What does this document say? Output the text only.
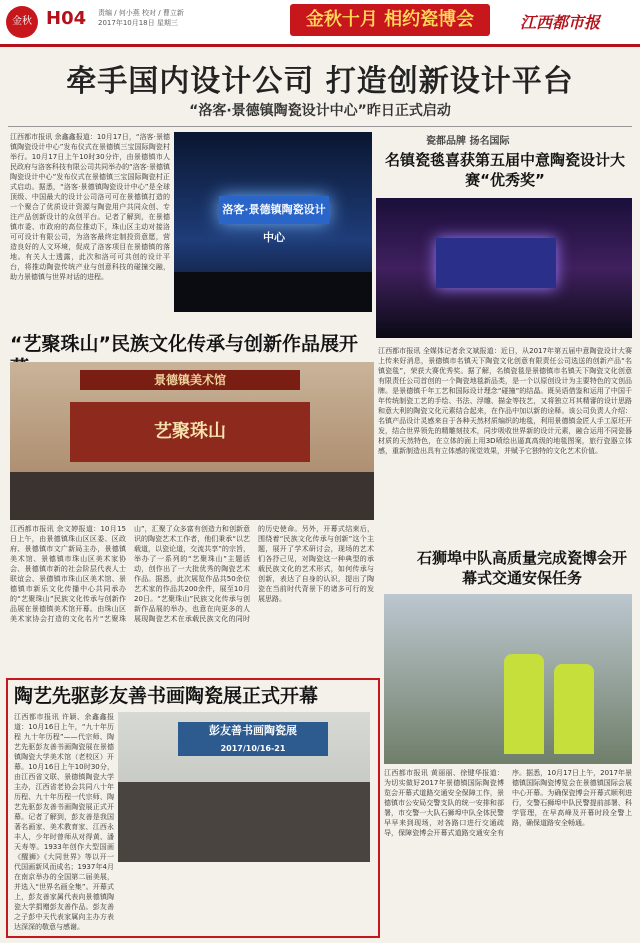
金秋 H04 责编 / 何小燕 校对 / 曹立新
2017年10月18日 星期三	金秋十月 相约瓷博会	江西都市报
牵手国内设计公司 打造创新设计平台
“洛客·景德镇陶瓷设计中心”昨日正式启动
江西都市报讯 余鑫鑫报道：10月17日，“洛客·景德镇陶瓷设计中心”发布仪式在景德镇三宝国际陶瓷村举行。10月17日上午10时30分许，由景德镇市人民政府与洛客科技有限公司共同举办的“洛客·景德镇陶瓷设计中心”发布仪式在景德镇三宝国际陶瓷村正式启动。据悉，“洛客·景德镇陶瓷设计中心”是全球顶级、中国最大的设计公司洛可可在景德镇打造的一个聚合了优质设计资源与陶瓷用户共同众创、专注产品创新设计的众创平台。记者了解到，在景德镇市委、市政府的高位推动下，珠山区主动对接洛可可设计有限公司，为洛客最终定制投资意愿，营造良好的人文环境，促成了洛客项目在景德镇的落地。有关人士透露，此次和洛可可共创的设计平台，将推动陶瓷传统产业与创意科技的碰撞交融，助力景德镇与世界对话的进程。
洛客·景德镇陶瓷设计中心
瓷都品牌 扬名国际
名镇瓷毯喜获第五届中意陶瓷设计大赛“优秀奖”
江西都市报讯 全媒体记者余文斌报道：近日，从2017年第五届中意陶瓷设计大赛上传来好消息，景德镇市名镇天下陶瓷文化创意有限责任公司选送的创新产品“名镇瓷毯”，荣获大赛优秀奖。据了解，名镇瓷毯是景德镇市名镇天下陶瓷文化创意有限责任公司首创的一个陶瓷地毯新品类，是一个以原创设计为主要特色的文创品牌。是景德镇千年工艺和国际设计理念“碰撞”的结晶。既吴语借鉴和运用了中国千年传统制瓷工艺的手绘、书法、浮雕、描金等技艺，又将独立耳其精審的设计思路和意大利的陶瓷文化元素结合起来，在作品中加以新的诠释。该公司负责人介绍：名镇产品设计灵感来自于各种天然材质编织的地毯，利用景德镇金匠人手工原坯开发，结合世界领先的精雕刻技术，同步吸收世界新的设计元素，融合运用不同瓷器材质的天然特色，在立体的面上用3D喷绘出逼真高级的地毯图案，旅行瓷器立体感，重新制造出具有立体感的视觉效果，并赋予它独特的文化艺术价值。
“艺聚珠山”民族文化传承与创新作品展开
景德镇美术馆
艺聚珠山
江西都市报讯 余文婷报道：10月15日上午，由景德镇珠山区区委、区政府、景德镇市文广新局主办，景德镇美术馆、景德镇市珠山区美术家协会、景德镇市新的社会阶层代表人士联谊会、景德镇市珠山区美术馆、景德镇市新乐文化传播中心共同承办的“艺聚珠山”民族文化传承与创新作品展在景德镇美术馆开幕。由珠山区美术家协会打造的文化名片“艺聚珠山”，汇聚了众多富有创造力和创新意识的陶瓷艺术工作者，他们秉承“以艺载道，以瓷论道，交流共享”的宗旨，举办了一系列的“艺聚珠山”主题活动，创作出了一大批优秀的陶瓷艺术作品。据悉，此次展览作品共50余位艺术家的作品共200余件，展至10月20日。“艺聚珠山”民族文化传承与创新作品展的举办，也意在向更多的人展现陶瓷艺术在承载民族文化的同时的历史使命。另外，开幕式结束后，围绕着“民族文化传承与创新”这个主题，展开了学术研讨会，现场的艺术们各抒己见，对陶瓷这一种典型的承载民族文化的艺术形式，如何传承与创新，表达了自身的认识，提出了陶瓷在当前时代背景下的诸多可行的发展思路。
石狮埠中队高质量完成瓷博会开幕式交通安保任务
江西都市报讯 黄丽丽、徐键华报道：为切实做好2017年景德镇国际陶瓷博览会开幕式道路交通安全保障工作，景德镇市公安局交警支队的统一安排和部署，市交警一大队石狮埠中队全体民警早早来到现场，对各路口进行交通疏导，保障瓷博会开幕式道路交通安全有序。据悉，10月17日上午，2017年景德镇国际陶瓷博览会在景德镇国际会展中心开幕。为确保瓷博会开幕式顺利进行，交警石狮埠中队民警提前部署、科学管理，在早高峰及开幕时段全警上路，确保道路安全畅通。
陶艺先驱彭友善书画陶瓷展正式开幕
江西都市报讯 许颖、余鑫鑫报道：10月16日上午，“九十年历程 九十年历程”——代宗师、陶艺先驱彭友善书画陶瓷展在景德镇陶瓷大学美术馆（老校区）开幕。10月16日上午10时30分，由江西省文联、景德镇陶瓷大学主办，江西省老协会共同八十年历程、九十年历程一代宗师、陶艺先驱彭友善书画陶瓷展正式开幕。记者了解到，彭友善是我国著名画家、美术教育家、江西永丰人，少年时曾师从对得黄、潘天寿等。1933年创作大型国画《醒狮》《大同世界》等以开一代国画新风而成名；1937年4月在南京举办的全国第二届美展，并选入“世界名画全集”。开幕式上，彭友善家属代表向景德镇陶瓷大学捐赠彭友善作品。彭友善之子彭中天代表家属向主办方表达深深的敬意与感谢。
彭友善书画陶瓷展
2017/10/16-21
